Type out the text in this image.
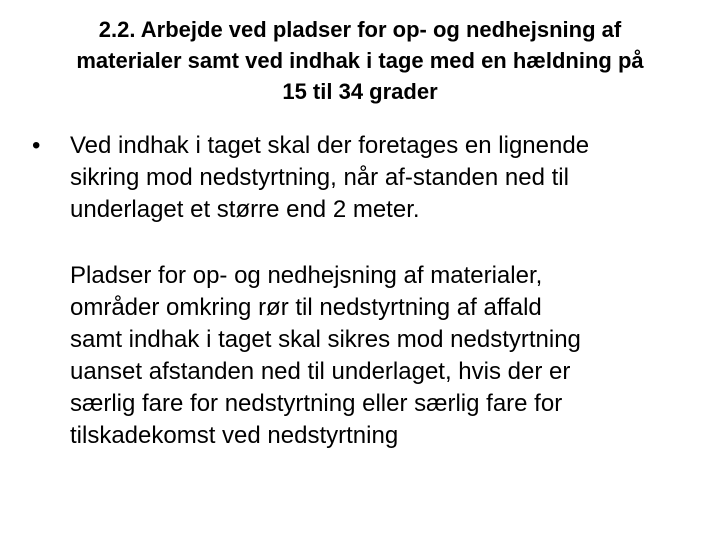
2.2. Arbejde ved pladser for op- og nedhejsning af
materialer samt ved indhak i tage med en hældning på
15 til 34 grader
• Ved indhak i taget skal der foretages en lignende
sikring mod nedstyrtning, når af-standen ned til
underlaget et større end 2 meter.
Pladser for op- og nedhejsning af materialer,
områder omkring rør til nedstyrtning af affald
samt indhak i taget skal sikres mod nedstyrtning
uanset afstanden ned til underlaget, hvis der er
særlig fare for nedstyrtning eller særlig fare for
tilskadekomst ved nedstyrtning
